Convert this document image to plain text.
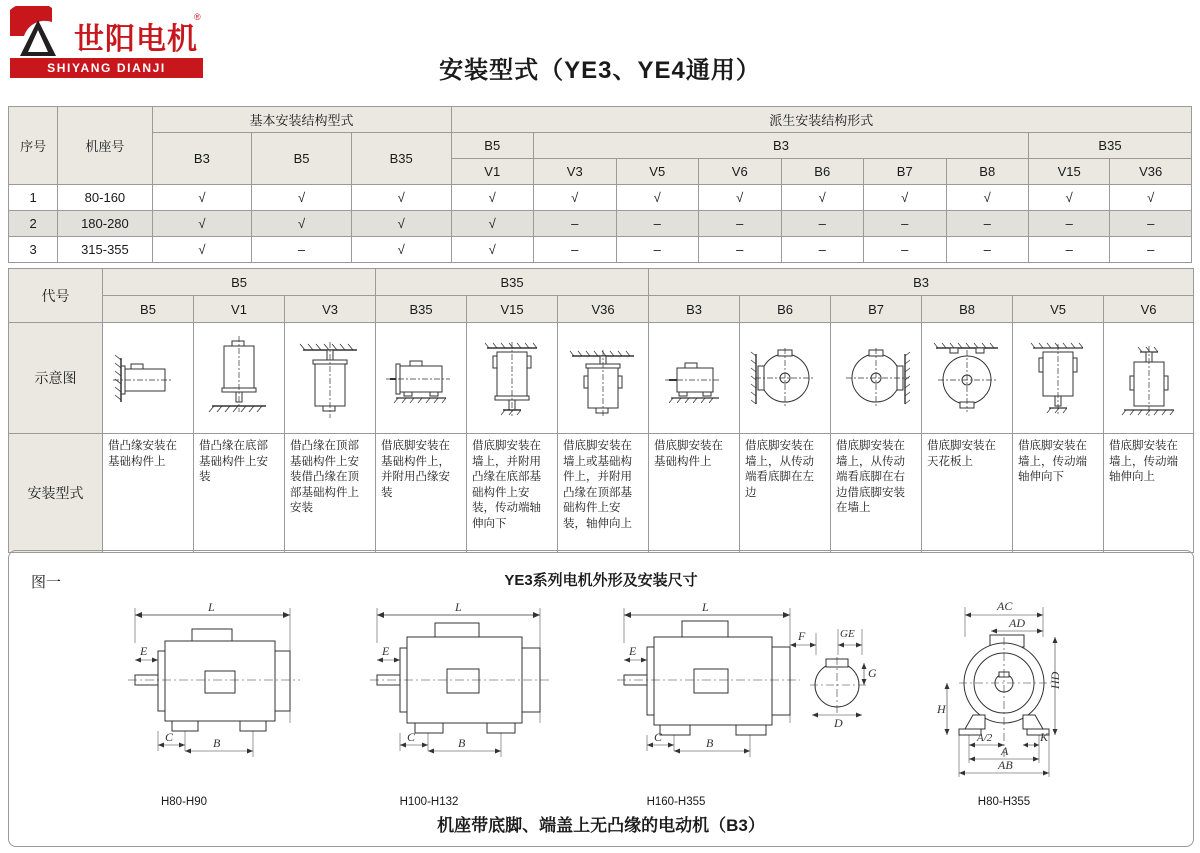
世阳电机
®
SHIYANG DIANJI	安装型式（YE3、YE4通用）
序号	机座号	基本安装结构型式			派生安装结构形式								
		B3	B5	B35	B5	B3						B35	
					V1	V3	V5	V6	B6	B7	B8	V15	V36
1	80-160	√	√	√	√	√	√	√	√	√	√	√	√
2	180-280	√	√	√	√	–	–	–	–	–	–	–	–
3	315-355	√	–	√	√	–	–	–	–	–	–	–	–
代号	B5			B35			B3					
	B5	V1	V3	B35	V15	V36	B3	B6	B7	B8	V5	V6
示意图	

安装型式	借凸缘安装在基础构件上	借凸缘在底部基础构件上安装	借凸缘在顶部基础构件上安装借凸缘在顶部基础构件上安装	借底脚安装在基础构件上，并附用凸缘安装	借底脚安装在墙上，并附用凸缘在底部基础构件上安装，传动端轴伸向下	借底脚安装在墙上或基础构件上，并附用凸缘在顶部基础构件上安装，轴伸向上	借底脚安装在基础构件上	借底脚安装在墙上，从传动端看底脚在左边	借底脚安装在墙上，从传动端看底脚在右边借底脚安装在墙上	借底脚安装在天花板上	借底脚安装在墙上，传动端轴伸向下	借底脚安装在墙上，传动端轴伸向上
图一	YE3系列电机外形及安装尺寸
L
E
C	B
L
E
C	B
L
E
C	B
F	GE
G
D
AC
AD
HD
H
A/2	K
A
AB
H80-H90	H100-H132	H160-H355	H80-H355
机座带底脚、端盖上无凸缘的电动机（B3）
